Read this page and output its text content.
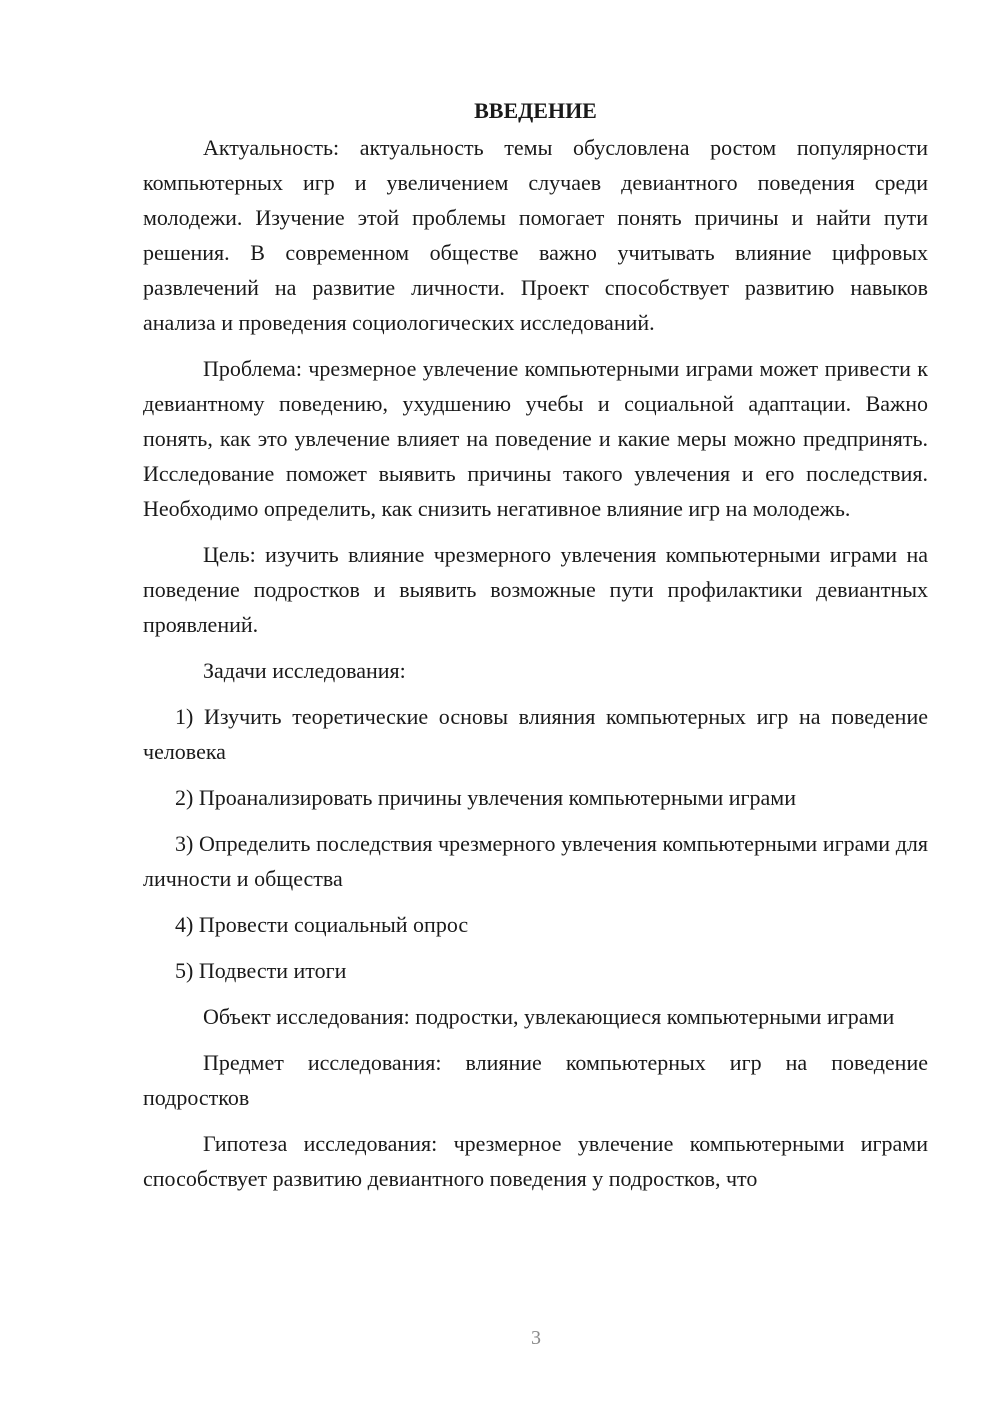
ВВЕДЕНИЕ

Актуальность: актуальность темы обусловлена ростом популярности компьютерных игр и увеличением случаев девиантного поведения среди молодежи. Изучение этой проблемы помогает понять причины и найти пути решения. В современном обществе важно учитывать влияние цифровых развлечений на развитие личности. Проект способствует развитию навыков анализа и проведения социологических исследований.

Проблема: чрезмерное увлечение компьютерными играми может привести к девиантному поведению, ухудшению учебы и социальной адаптации. Важно понять, как это увлечение влияет на поведение и какие меры можно предпринять. Исследование поможет выявить причины такого увлечения и его последствия. Необходимо определить, как снизить негативное влияние игр на молодежь.

Цель: изучить влияние чрезмерного увлечения компьютерными играми на поведение подростков и выявить возможные пути профилактики девиантных проявлений.

Задачи исследования:

1) Изучить теоретические основы влияния компьютерных игр на поведение человека

2) Проанализировать причины увлечения компьютерными играми

3) Определить последствия чрезмерного увлечения компьютерными играми для личности и общества

4) Провести социальный опрос

5) Подвести итоги

Объект исследования: подростки, увлекающиеся компьютерными играми

Предмет исследования: влияние компьютерных игр на поведение подростков

Гипотеза исследования: чрезмерное увлечение компьютерными играми способствует развитию девиантного поведения у подростков, что

3
